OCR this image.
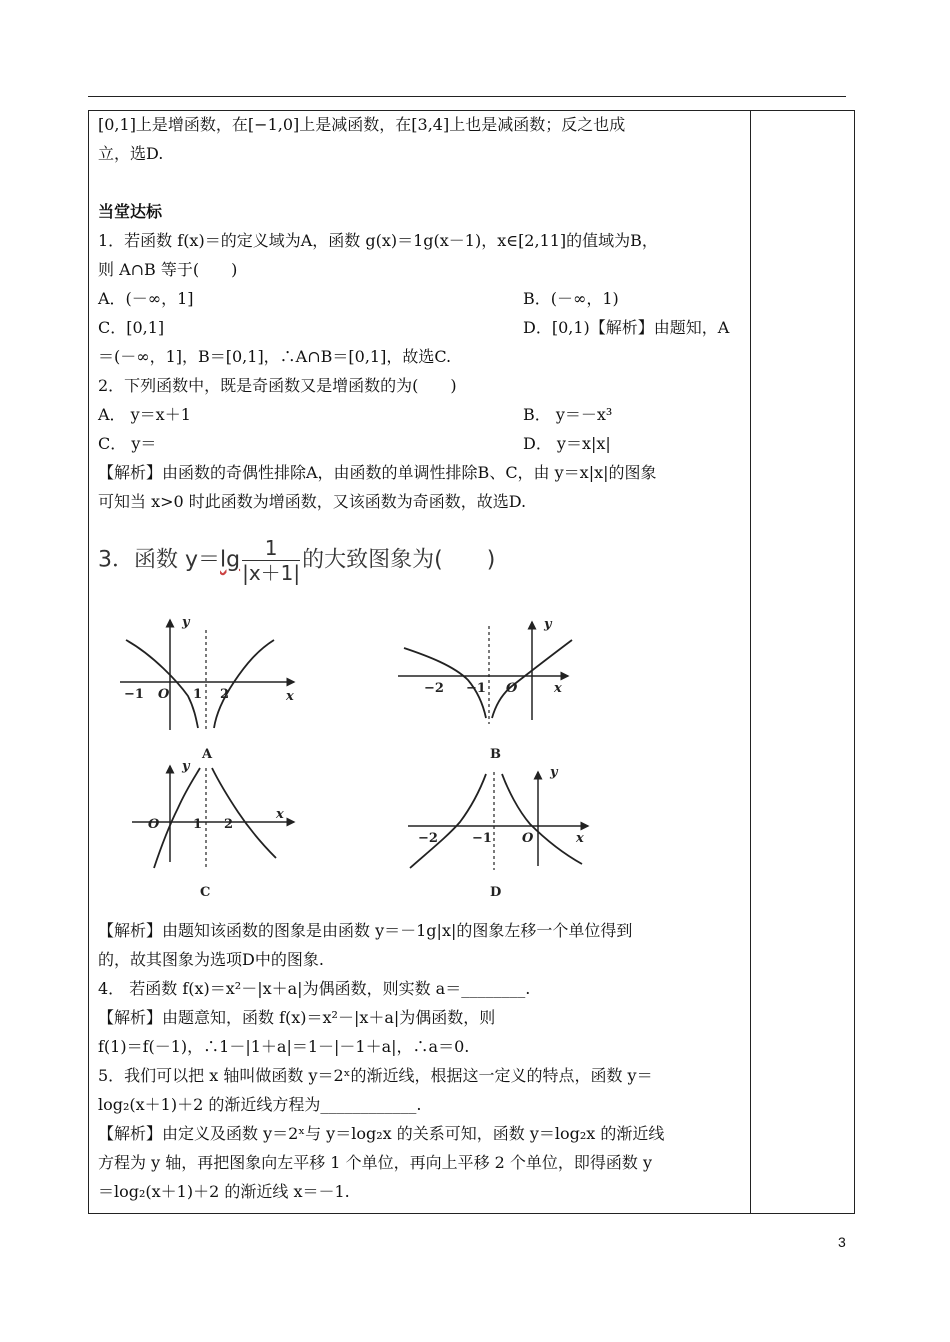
[0,1]上是增函数，在[−1,0]上是减函数，在[3,4]上也是减函数；反之也成
立，选D.
当堂达标
1．若函数 f(x)＝的定义域为A，函数 g(x)＝1g(x－1)，x∈[2,11]的值域为B，
则 A∩B 等于(　　)
A．(－∞，1]	B．(－∞，1)
C．[0,1]	D．[0,1)【解析】由题知，A
＝(－∞，1]，B＝[0,1]，∴A∩B＝[0,1]，故选C.
2．下列函数中，既是奇函数又是增函数的为(　　)
A． y＝x＋1	B． y＝－x³
C． y＝	D． y＝x|x|
【解析】由函数的奇偶性排除A，由函数的单调性排除B、C，由 y＝x|x|的图象
可知当 x>0 时此函数为增函数，又该函数为奇函数，故选D.
3．函数 $y=\lg \frac{1}{|x+1|}$ 的大致图象为(　　)
y
x
O
−1	1 2
A
y
x
O
−2 −1
B
y
x
O	1 2
C
y
x
O
−2	−1
D
【解析】由题知该函数的图象是由函数 y＝－1g|x|的图象左移一个单位得到
的，故其图象为选项D中的图象.
4． 若函数 f(x)＝x²－|x＋a|为偶函数，则实数 a＝________.
【解析】由题意知，函数 f(x)＝x²－|x＋a|为偶函数，则
f(1)＝f(－1)，∴1－|1＋a|＝1－|－1＋a|，∴a＝0.
5．我们可以把 x 轴叫做函数 y＝2ˣ的渐近线，根据这一定义的特点，函数 y＝
log₂(x＋1)＋2 的渐近线方程为____________.
【解析】由定义及函数 y＝2ˣ与 y＝log₂x 的关系可知，函数 y＝log₂x 的渐近线
方程为 y 轴，再把图象向左平移 1 个单位，再向上平移 2 个单位，即得函数 y
＝log₂(x＋1)＋2 的渐近线 x＝－1.
3
